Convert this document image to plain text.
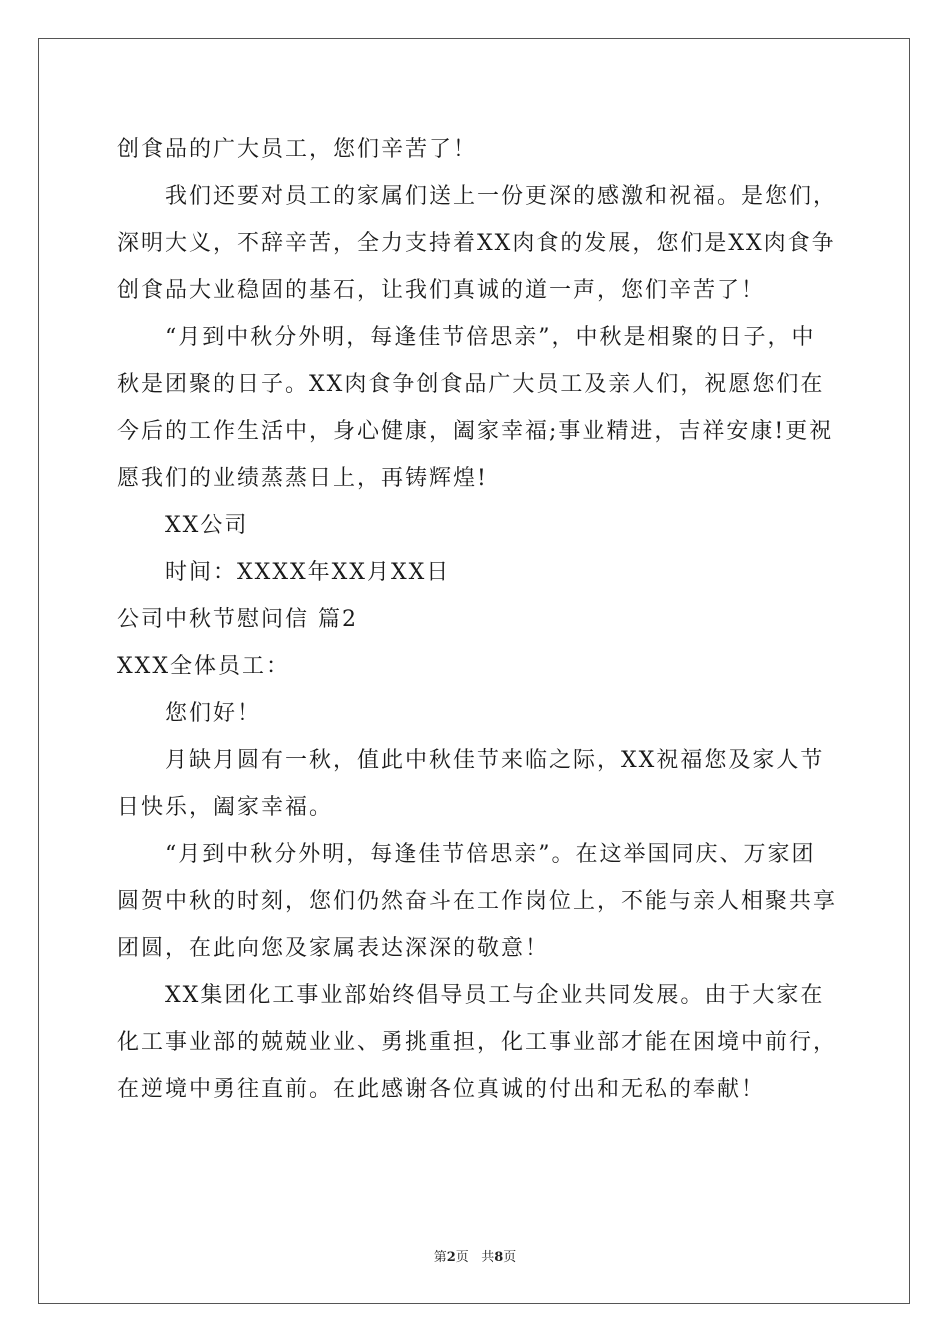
创食品的广大员工，您们辛苦了！
我们还要对员工的家属们送上一份更深的感激和祝福。是您们，
深明大义，不辞辛苦，全力支持着XX肉食的发展，您们是XX肉食争
创食品大业稳固的基石，让我们真诚的道一声，您们辛苦了！
“月到中秋分外明，每逢佳节倍思亲”，中秋是相聚的日子，中
秋是团聚的日子。XX肉食争创食品广大员工及亲人们，祝愿您们在
今后的工作生活中，身心健康，阖家幸福;事业精进，吉祥安康!更祝
愿我们的业绩蒸蒸日上，再铸辉煌!
XX公司
时间：XXXX年XX月XX日
公司中秋节慰问信 篇2
XXX全体员工：
您们好！
月缺月圆有一秋，值此中秋佳节来临之际，XX祝福您及家人节
日快乐，阖家幸福。
“月到中秋分外明，每逢佳节倍思亲”。在这举国同庆、万家团
圆贺中秋的时刻，您们仍然奋斗在工作岗位上，不能与亲人相聚共享
团圆，在此向您及家属表达深深的敬意！
XX集团化工事业部始终倡导员工与企业共同发展。由于大家在
化工事业部的兢兢业业、勇挑重担，化工事业部才能在困境中前行，
在逆境中勇往直前。在此感谢各位真诚的付出和无私的奉献！
第2页 共8页
